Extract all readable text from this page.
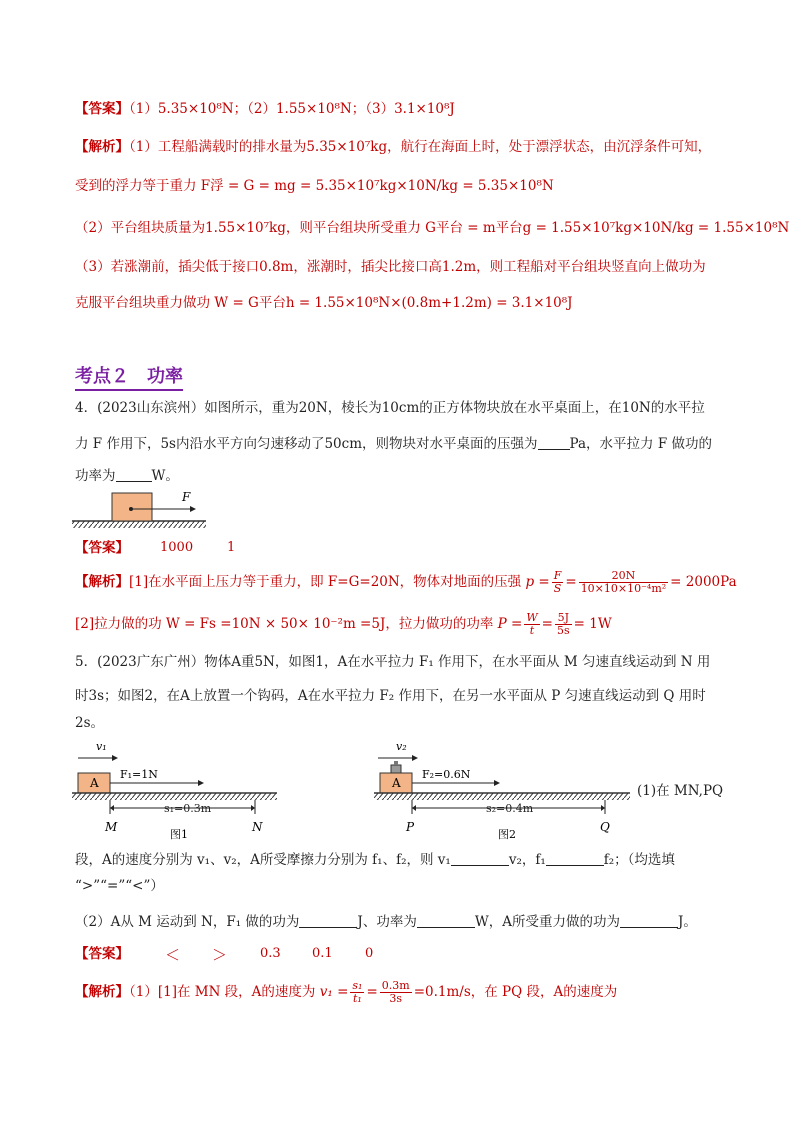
【答案】（1）5.35×10⁸N；（2）1.55×10⁸N；（3）3.1×10⁸J
【解析】（1）工程船满载时的排水量为5.35×10⁷kg，航行在海面上时，处于漂浮状态，由沉浮条件可知，
受到的浮力等于重力 F浮 = G = mg = 5.35×10⁷kg×10N/kg = 5.35×10⁸N
（2）平台组块质量为1.55×10⁷kg，则平台组块所受重力 G平台 = m平台g = 1.55×10⁷kg×10N/kg = 1.55×10⁸N
（3）若涨潮前，插尖低于接口0.8m，涨潮时，插尖比接口高1.2m，则工程船对平台组块竖直向上做功为
克服平台组块重力做功 W = G平台h = 1.55×10⁸N×(0.8m+1.2m) = 3.1×10⁸J
考点２　功率
4．(2023山东滨州）如图所示，重为20N，棱长为10cm的正方体物块放在水平桌面上，在10N的水平拉
力 F 作用下，5s内沿水平方向匀速移动了50cm，则物块对水平桌面的压强为 Pa，水平拉力 F 做功的
功率为	W。
F
【答案】 1000	1
【解析】[1]在水平面上压力等于重力，即 F=G=20N，物体对地面的压强 $p = \frac{F}{S} = \frac{20N}{\text{10×10×10⁻⁴m²}} = 2000Pa$
[2]拉力做的功 W = Fs =10N × 50× 10⁻²m =5J，拉力做功的功率 $P = \frac{W}{t} = \frac{5J}{5s} = 1W$
5．(2023广东广州）物体A重5N，如图1，A在水平拉力 F₁ 作用下，在水平面从 M 匀速直线运动到 N 用
时3s；如图2，在A上放置一个钩码，A在水平拉力 F₂ 作用下，在另一水平面从 P 匀速直线运动到 Q 用时
2s。
v₁
A
F₁=1N
s₁=0.3m
M	N
图1
v₂
A
F₂=0.6N
s₂=0.4m
P	Q
图2
(1)在 MN,PQ
段，A的速度分别为 v₁、v₂，A所受摩擦力分别为 f₁、f₂，则 v₁	v₂，f₁	f₂；（均选填
“>”“=”“<”）
（2）A从 M 运动到 N，F₁ 做的功为	J、功率为	W，A所受重力做的功为	J。
【答案】 ＜ ＞	0.3 0.1 0
【解析】（1）[1]在 MN 段，A的速度为 $v_1 = \frac{\text{s₁}}{\text{t₁}} = \frac{0.3m}{3s} =0.1m/s$，在 PQ 段，A的速度为
